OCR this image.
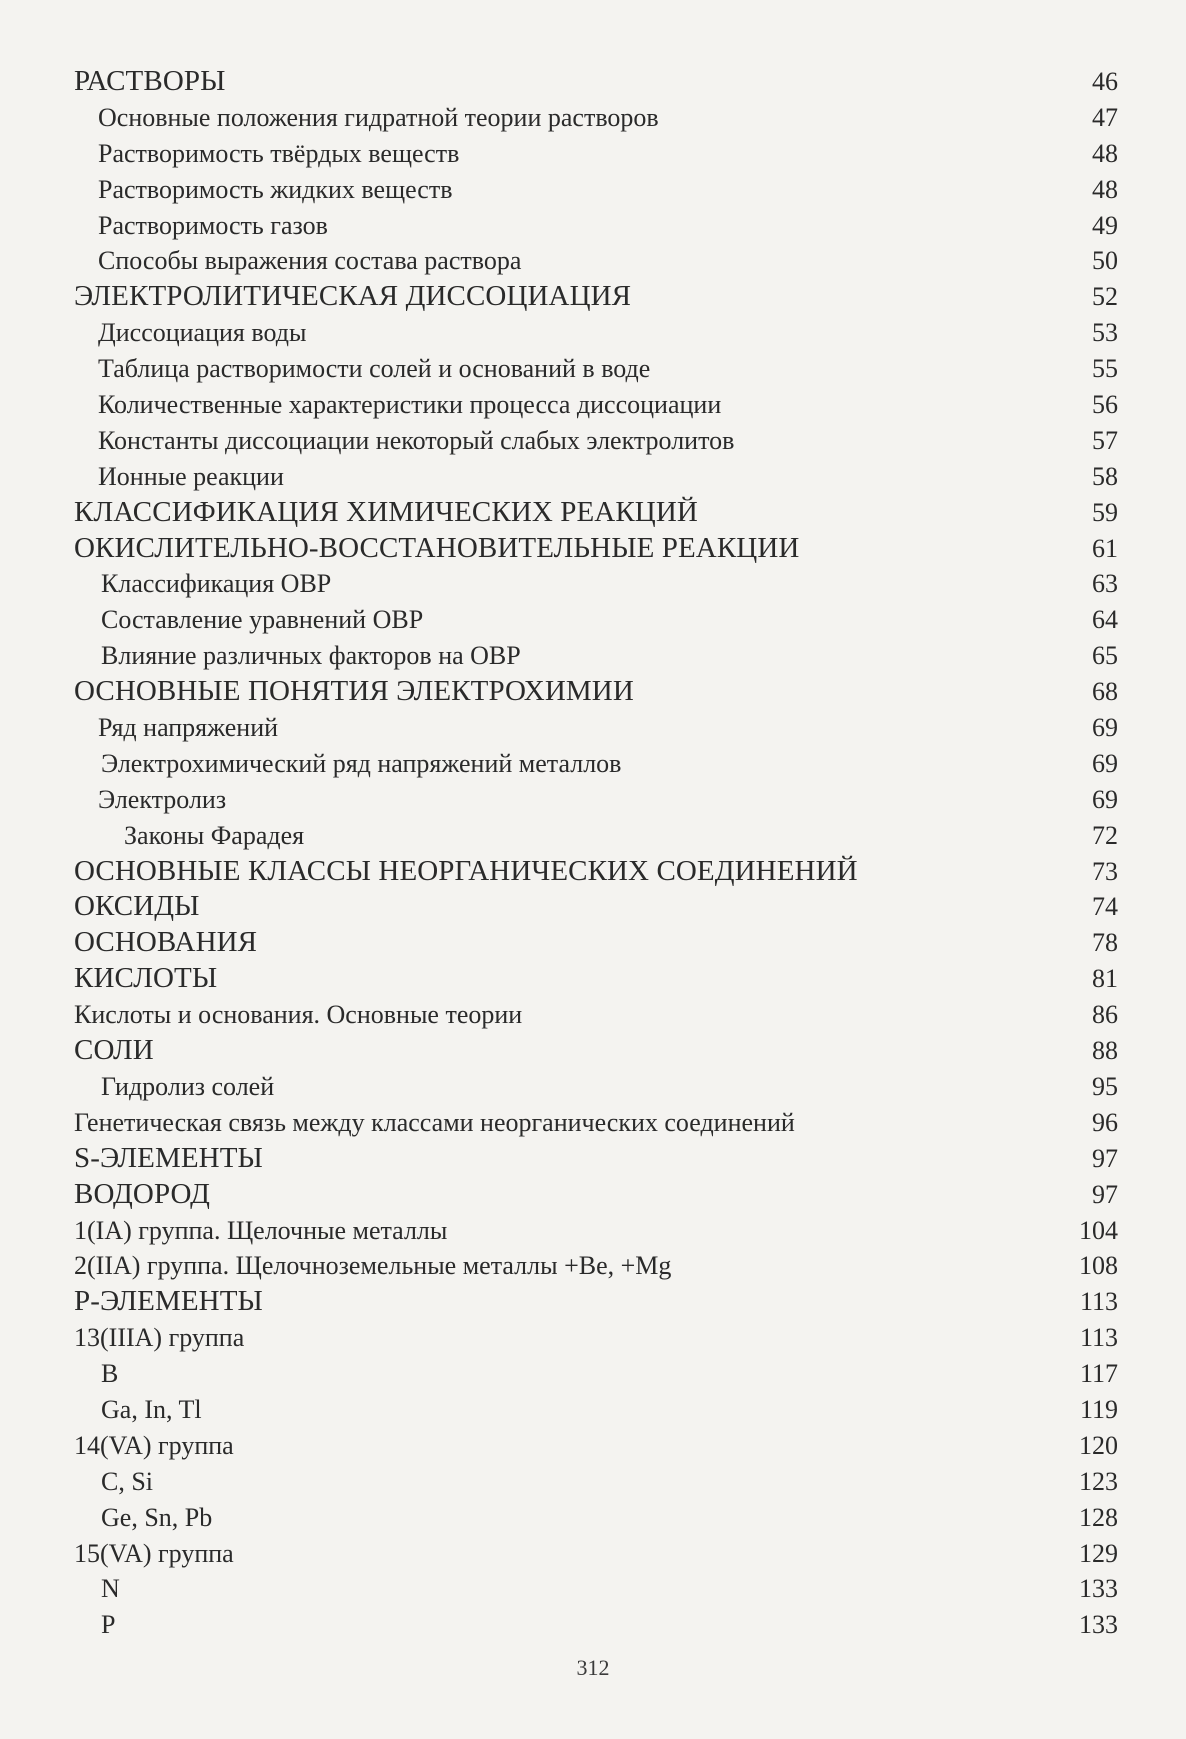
РАСТВОРЫ	46
Основные положения гидратной теории растворов	47
Растворимость твёрдых веществ	48
Растворимость жидких веществ	48
Растворимость газов	49
Способы выражения состава раствора	50
ЭЛЕКТРОЛИТИЧЕСКАЯ ДИССОЦИАЦИЯ	52
Диссоциация воды	53
Таблица растворимости солей и оснований в воде	55
Количественные характеристики процесса диссоциации	56
Константы диссоциации некоторый слабых электролитов	57
Ионные реакции	58
КЛАССИФИКАЦИЯ ХИМИЧЕСКИХ РЕАКЦИЙ	59
ОКИСЛИТЕЛЬНО-ВОССТАНОВИТЕЛЬНЫЕ РЕАКЦИИ	61
Классификация ОВР	63
Составление уравнений ОВР	64
Влияние различных факторов на ОВР	65
ОСНОВНЫЕ ПОНЯТИЯ ЭЛЕКТРОХИМИИ	68
Ряд напряжений	69
Электрохимический ряд напряжений металлов	69
Электролиз	69
Законы Фарадея	72
ОСНОВНЫЕ КЛАССЫ НЕОРГАНИЧЕСКИХ СОЕДИНЕНИЙ	73
ОКСИДЫ	74
ОСНОВАНИЯ	78
КИСЛОТЫ	81
Кислоты и основания. Основные теории	86
СОЛИ	88
Гидролиз солей	95
Генетическая связь между классами неорганических соединений	96
S-ЭЛЕМЕНТЫ	97
ВОДОРОД	97
1(IA) группа. Щелочные металлы	104
2(IIA) группа. Щелочноземельные металлы +Be, +Mg	108
Р-ЭЛЕМЕНТЫ	113
13(IIIA) группа	113
B	117
Ga, In, Tl	119
14(VA) группа	120
C, Si	123
Ge, Sn, Pb	128
15(VA) группа	129
N	133
P	133
312
